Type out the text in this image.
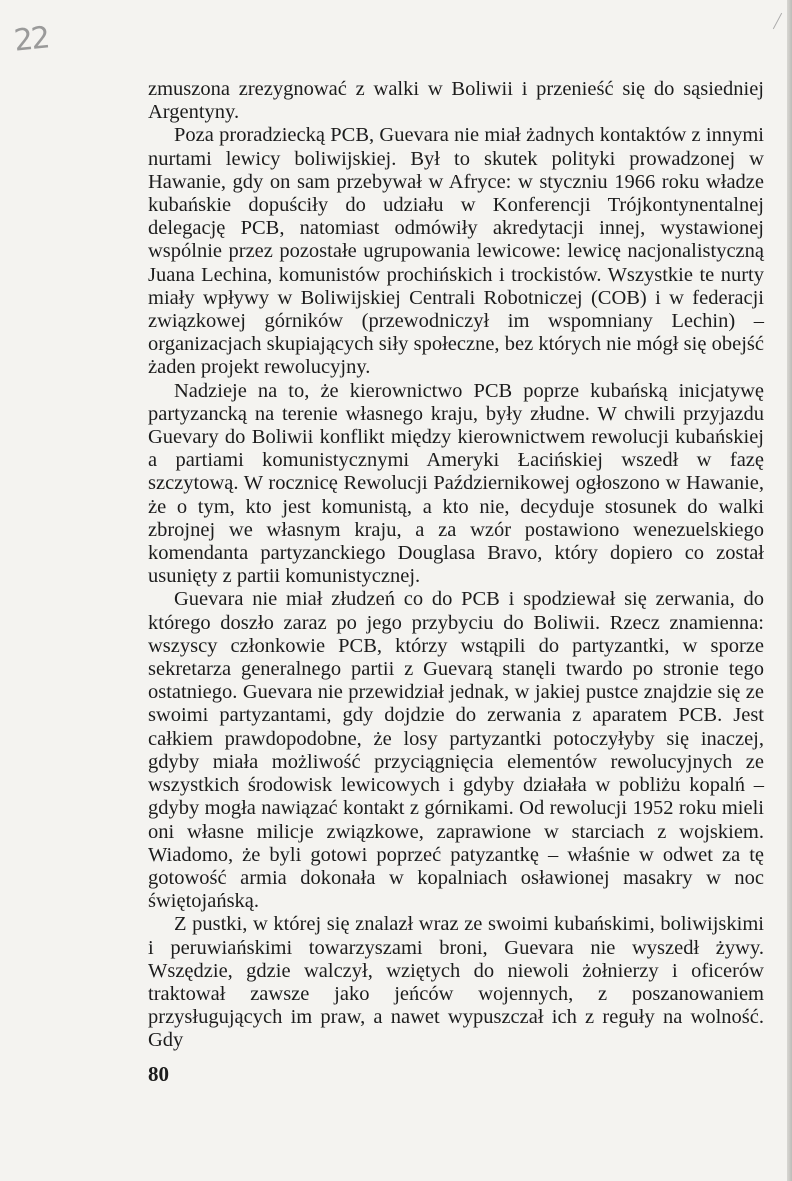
22

zmuszona zrezygnować z walki w Boliwii i przenieść się do sąsiedniej Argentyny.

Poza proradziecką PCB, Guevara nie miał żadnych kontaktów z innymi nurtami lewicy boliwijskiej. Był to skutek polityki prowadzonej w Hawanie, gdy on sam przebywał w Afryce: w styczniu 1966 roku władze kubańskie dopuściły do udziału w Konferencji Trójkontynentalnej delegację PCB, natomiast odmówiły akredytacji innej, wystawionej wspólnie przez pozostałe ugrupowania lewicowe: lewicę nacjonalistyczną Juana Lechina, komunistów prochińskich i trockistów. Wszystkie te nurty miały wpływy w Boliwijskiej Centrali Robotniczej (COB) i w federacji związkowej górników (przewodniczył im wspomniany Lechin) – organizacjach skupiających siły społeczne, bez których nie mógł się obejść żaden projekt rewolucyjny.

Nadzieje na to, że kierownictwo PCB poprze kubańską inicjatywę partyzancką na terenie własnego kraju, były złudne. W chwili przyjazdu Guevary do Boliwii konflikt między kierownictwem rewolucji kubańskiej a partiami komunistycznymi Ameryki Łacińskiej wszedł w fazę szczytową. W rocznicę Rewolucji Październikowej ogłoszono w Hawanie, że o tym, kto jest komunistą, a kto nie, decyduje stosunek do walki zbrojnej we własnym kraju, a za wzór postawiono wenezuelskiego komendanta partyzanckiego Douglasa Bravo, który dopiero co został usunięty z partii komunistycznej.

Guevara nie miał złudzeń co do PCB i spodziewał się zerwania, do którego doszło zaraz po jego przybyciu do Boliwii. Rzecz znamienna: wszyscy członkowie PCB, którzy wstąpili do partyzantki, w sporze sekretarza generalnego partii z Guevarą stanęli twardo po stronie tego ostatniego. Guevara nie przewidział jednak, w jakiej pustce znajdzie się ze swoimi partyzantami, gdy dojdzie do zerwania z aparatem PCB. Jest całkiem prawdopodobne, że losy partyzantki potoczyłyby się inaczej, gdyby miała możliwość przyciągnięcia elementów rewolucyjnych ze wszystkich środowisk lewicowych i gdyby działała w pobliżu kopalń – gdyby mogła nawiązać kontakt z górnikami. Od rewolucji 1952 roku mieli oni własne milicje związkowe, zaprawione w starciach z wojskiem. Wiadomo, że byli gotowi poprzeć patyzantkę – właśnie w odwet za tę gotowość armia dokonała w kopalniach osławionej masakry w noc świętojańską.

Z pustki, w której się znalazł wraz ze swoimi kubańskimi, boliwijskimi i peruwiańskimi towarzyszami broni, Guevara nie wyszedł żywy. Wszędzie, gdzie walczył, wziętych do niewoli żołnierzy i oficerów traktował zawsze jako jeńców wojennych, z poszanowaniem przysługujących im praw, a nawet wypuszczał ich z reguły na wolność. Gdy

80
